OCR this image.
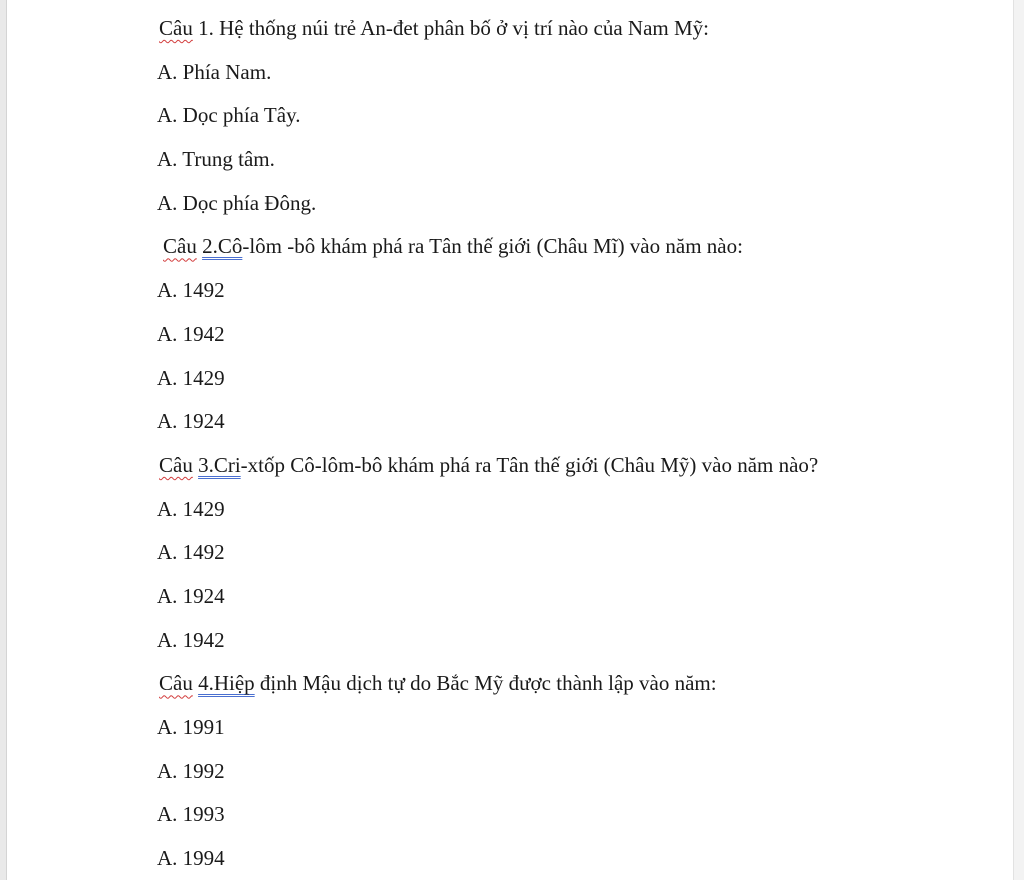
Câu 1. Hệ thống núi trẻ An-đet phân bố ở vị trí nào của Nam Mỹ:
A. Phía Nam.
A. Dọc phía Tây.
A. Trung tâm.
A. Dọc phía Đông.
Câu 2.Cô-lôm -bô khám phá ra Tân thế giới (Châu Mĩ) vào năm nào:
A. 1492
A. 1942
A. 1429
A. 1924
Câu 3.Cri-xtốp Cô-lôm-bô khám phá ra Tân thế giới (Châu Mỹ) vào năm nào?
A. 1429
A. 1492
A. 1924
A. 1942
Câu 4.Hiệp định Mậu dịch tự do Bắc Mỹ được thành lập vào năm:
A. 1991
A. 1992
A. 1993
A. 1994
